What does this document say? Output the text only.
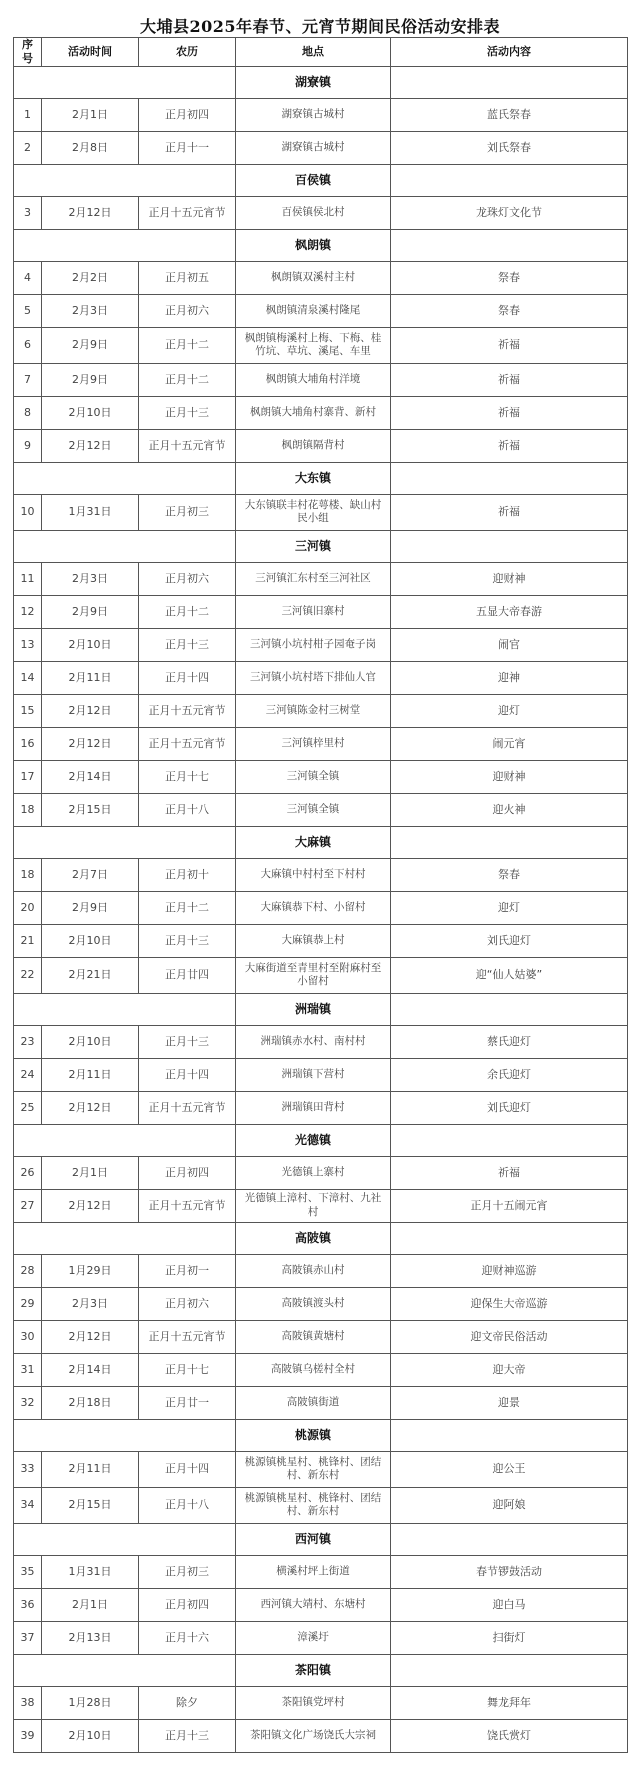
大埔县2025年春节、元宵节期间民俗活动安排表
序号	活动时间	农历	地点	活动内容
			湖寮镇	
1	2月1日	正月初四	湖寮镇古城村	蓝氏祭春
2	2月8日	正月十一	湖寮镇古城村	刘氏祭春
			百侯镇	
3	2月12日	正月十五元宵节	百侯镇侯北村	龙珠灯文化节
			枫朗镇	
4	2月2日	正月初五	枫朗镇双溪村主村	祭春
5	2月3日	正月初六	枫朗镇清泉溪村隆尾	祭春
6	2月9日	正月十二	枫朗镇梅溪村上梅、下梅、桂竹坑、草坑、溪尾、车里	祈福
7	2月9日	正月十二	枫朗镇大埔角村洋境	祈福
8	2月10日	正月十三	枫朗镇大埔角村寨背、新村	祈福
9	2月12日	正月十五元宵节	枫朗镇隔背村	祈福
			大东镇	
10	1月31日	正月初三	大东镇联丰村花萼楼、缺山村民小组	祈福
			三河镇	
11	2月3日	正月初六	三河镇汇东村至三河社区	迎财神
12	2月9日	正月十二	三河镇旧寨村	五显大帝春游
13	2月10日	正月十三	三河镇小坑村柑子园奄子岗	闹官
14	2月11日	正月十四	三河镇小坑村塔下排仙人官	迎神
15	2月12日	正月十五元宵节	三河镇陈金村三树堂	迎灯
16	2月12日	正月十五元宵节	三河镇梓里村	闹元宵
17	2月14日	正月十七	三河镇全镇	迎财神
18	2月15日	正月十八	三河镇全镇	迎火神
			大麻镇	
18	2月7日	正月初十	大麻镇中村村至下村村	祭春
20	2月9日	正月十二	大麻镇恭下村、小留村	迎灯
21	2月10日	正月十三	大麻镇恭上村	刘氏迎灯
22	2月21日	正月廿四	大麻街道至青里村至附麻村至小留村	迎“仙人姑婆”
			洲瑞镇	
23	2月10日	正月十三	洲瑞镇赤水村、南村村	蔡氏迎灯
24	2月11日	正月十四	洲瑞镇下营村	余氏迎灯
25	2月12日	正月十五元宵节	洲瑞镇田背村	刘氏迎灯
			光德镇	
26	2月1日	正月初四	光德镇上寨村	祈福
27	2月12日	正月十五元宵节	光德镇上漳村、下漳村、九社村	正月十五闹元宵
			高陂镇	
28	1月29日	正月初一	高陂镇赤山村	迎财神巡游
29	2月3日	正月初六	高陂镇渡头村	迎保生大帝巡游
30	2月12日	正月十五元宵节	高陂镇黄塘村	迎文帝民俗活动
31	2月14日	正月十七	高陂镇乌槎村全村	迎大帝
32	2月18日	正月廿一	高陂镇街道	迎景
			桃源镇	
33	2月11日	正月十四	桃源镇桃星村、桃锋村、团结村、新东村	迎公王
34	2月15日	正月十八	桃源镇桃星村、桃锋村、团结村、新东村	迎阿娘
			西河镇	
35	1月31日	正月初三	横溪村坪上街道	春节锣鼓活动
36	2月1日	正月初四	西河镇大靖村、东塘村	迎白马
37	2月13日	正月十六	漳溪圩	扫街灯
			茶阳镇	
38	1月28日	除夕	茶阳镇党坪村	舞龙拜年
39	2月10日	正月十三	茶阳镇文化广场饶氏大宗祠	饶氏赏灯
